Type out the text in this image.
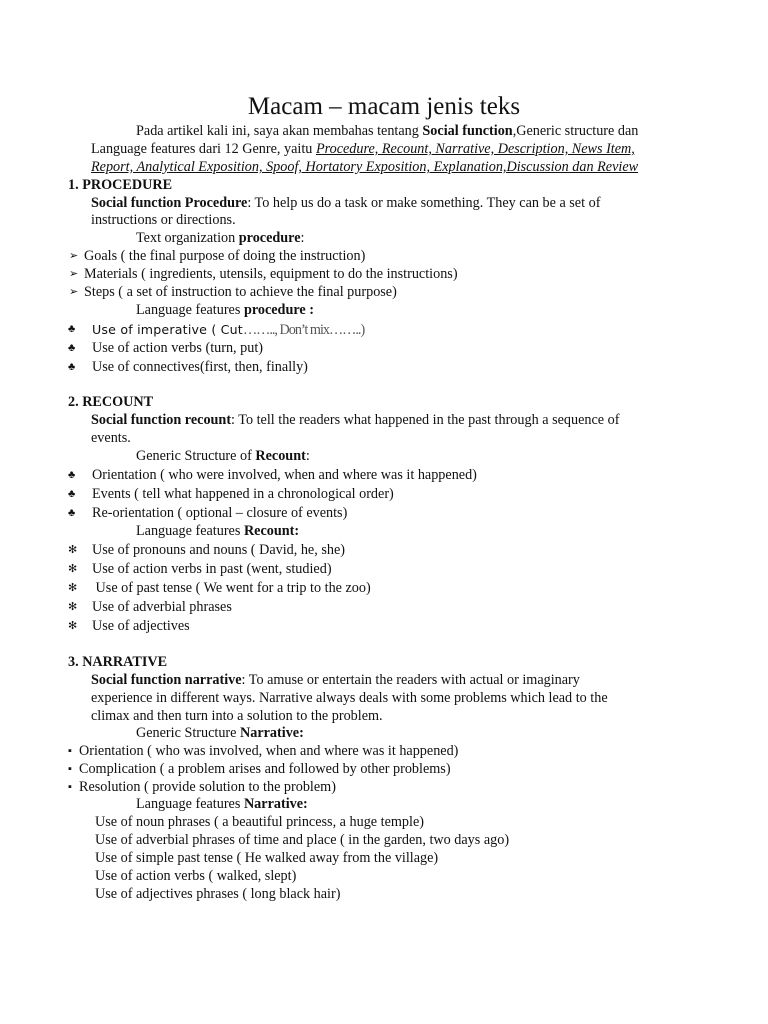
Macam – macam jenis teks
Pada artikel kali ini, saya akan membahas tentang Social function,Generic structure dan
Language features dari 12 Genre, yaitu Procedure, Recount, Narrative, Description, News Item,
Report, Analytical Exposition, Spoof, Hortatory Exposition, Explanation,Discussion dan Review
1. PROCEDURE
Social function Procedure: To help us do a task or make something. They can be a set of
instructions or directions.
Text organization procedure:
➢ Goals ( the final purpose of doing the instruction)
➢ Materials ( ingredients, utensils, equipment to do the instructions)
➢ Steps ( a set of instruction to achieve the final purpose)
Language features procedure :
♣ Use of imperative ( Cut…….., Don’t mix……..)
♣ Use of action verbs (turn, put)
♣ Use of connectives(first, then, finally)
2. RECOUNT
Social function recount: To tell the readers what happened in the past through a sequence of
events.
Generic Structure of Recount:
♣ Orientation ( who were involved, when and where was it happened)
♣ Events ( tell what happened in a chronological order)
♣ Re-orientation ( optional – closure of events)
Language features Recount:
✻ Use of pronouns and nouns ( David, he, she)
✻ Use of action verbs in past (went, studied)
✻ Use of past tense ( We went for a trip to the zoo)
✻ Use of adverbial phrases
✻ Use of adjectives
3. NARRATIVE
Social function narrative: To amuse or entertain the readers with actual or imaginary
experience in different ways. Narrative always deals with some problems which lead to the
climax and then turn into a solution to the problem.
Generic Structure Narrative:
▪ Orientation ( who was involved, when and where was it happened)
▪ Complication ( a problem arises and followed by other problems)
▪ Resolution ( provide solution to the problem)
Language features Narrative:
Use of noun phrases ( a beautiful princess, a huge temple)
Use of adverbial phrases of time and place ( in the garden, two days ago)
Use of simple past tense ( He walked away from the village)
Use of action verbs ( walked, slept)
Use of adjectives phrases ( long black hair)
